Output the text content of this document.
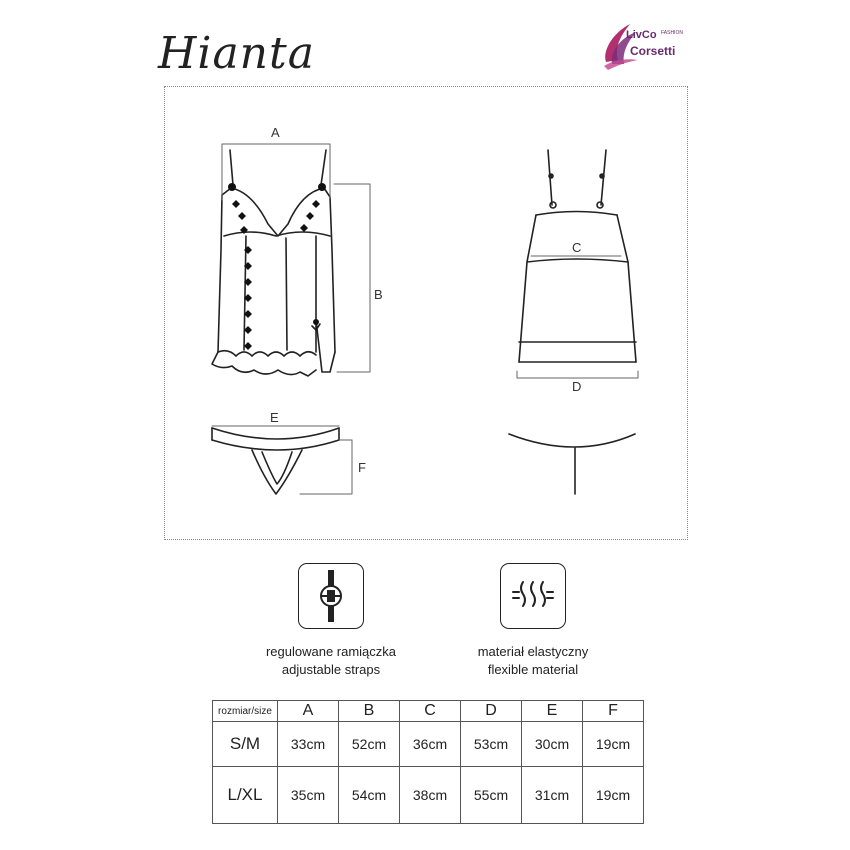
Hianta	LivCo FASHION
Corsetti
A
B
C
D
E
F
regulowane ramiączka
adjustable straps
materiał elastyczny
flexible material
rozmiar/size	A	B	C	D	E	F
S/M	33cm	52cm	36cm	53cm	30cm	19cm
L/XL	35cm	54cm	38cm	55cm	31cm	19cm
